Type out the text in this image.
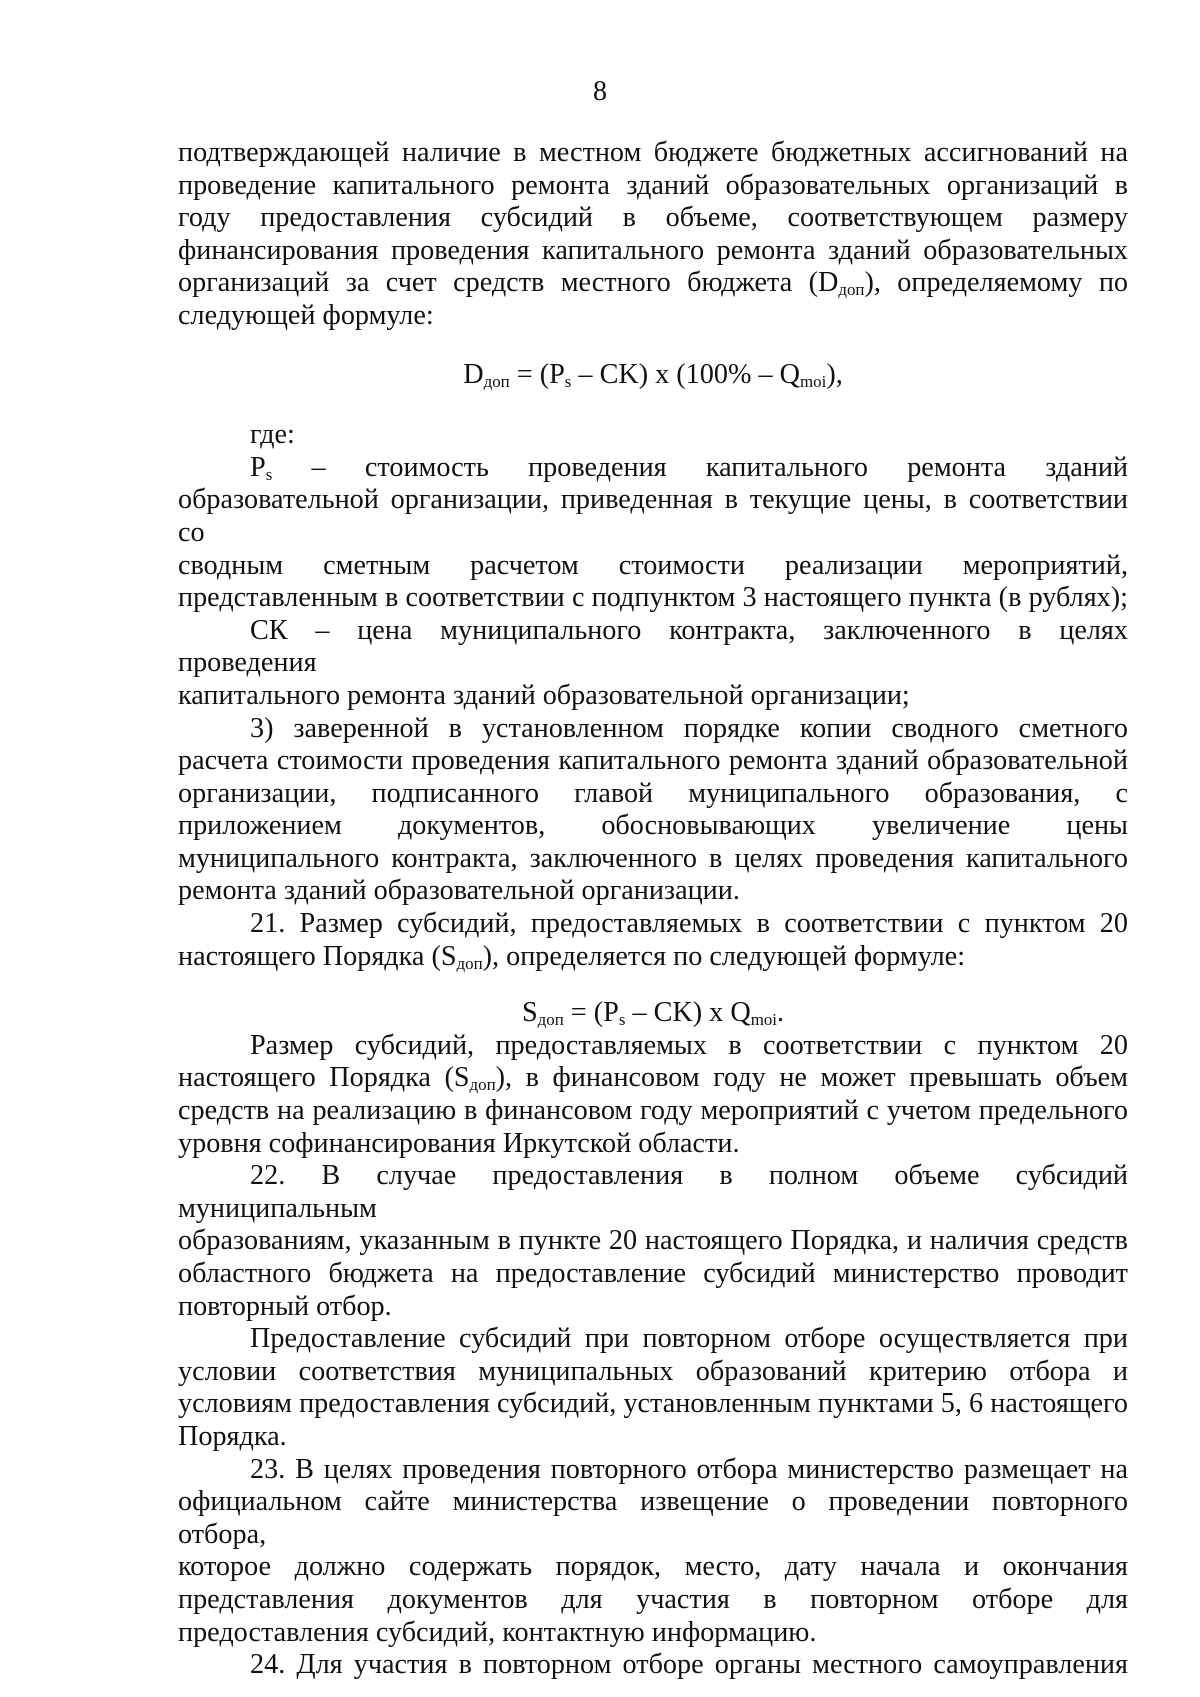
8

подтверждающей наличие в местном бюджете бюджетных ассигнований на

проведение капитального ремонта зданий образовательных организаций в

году предоставления субсидий в объеме, соответствующем размеру

финансирования проведения капитального ремонта зданий образовательных

организаций за счет средств местного бюджета $(D_{доп})$, определяемому по

следующей формуле:

$D_{доп} = (P_s - CK)$ x $(100\% - Q_{moi})$,

где:

$P_s$ – стоимость проведения капитального ремонта зданий

образовательной организации, приведенная в текущие цены, в соответствии со

сводным сметным расчетом стоимости реализации мероприятий,

представленным в соответствии с подпунктом 3 настоящего пункта (в рублях);

СК – цена муниципального контракта, заключенного в целях проведения

капитального ремонта зданий образовательной организации;

3) заверенной в установленном порядке копии сводного сметного

расчета стоимости проведения капитального ремонта зданий образовательной

организации, подписанного главой муниципального образования, с

приложением документов, обосновывающих увеличение цены

муниципального контракта, заключенного в целях проведения капитального

ремонта зданий образовательной организации.

21. Размер субсидий, предоставляемых в соответствии с пунктом 20

настоящего Порядка $(S_{доп})$, определяется по следующей формуле:

$S_{доп} = (P_s - CK)$ x $Q_{moi}$.

Размер субсидий, предоставляемых в соответствии с пунктом 20

настоящего Порядка $(S_{доп})$, в финансовом году не может превышать объем

средств на реализацию в финансовом году мероприятий с учетом предельного

уровня софинансирования Иркутской области.

22. В случае предоставления в полном объеме субсидий муниципальным

образованиям, указанным в пункте 20 настоящего Порядка, и наличия средств

областного бюджета на предоставление субсидий министерство проводит

повторный отбор.

Предоставление субсидий при повторном отборе осуществляется при

условии соответствия муниципальных образований критерию отбора и

условиям предоставления субсидий, установленным пунктами 5, 6 настоящего

Порядка.

23. В целях проведения повторного отбора министерство размещает на

официальном сайте министерства извещение о проведении повторного отбора,

которое должно содержать порядок, место, дату начала и окончания

представления документов для участия в повторном отборе для

предоставления субсидий, контактную информацию.

24. Для участия в повторном отборе органы местного самоуправления
